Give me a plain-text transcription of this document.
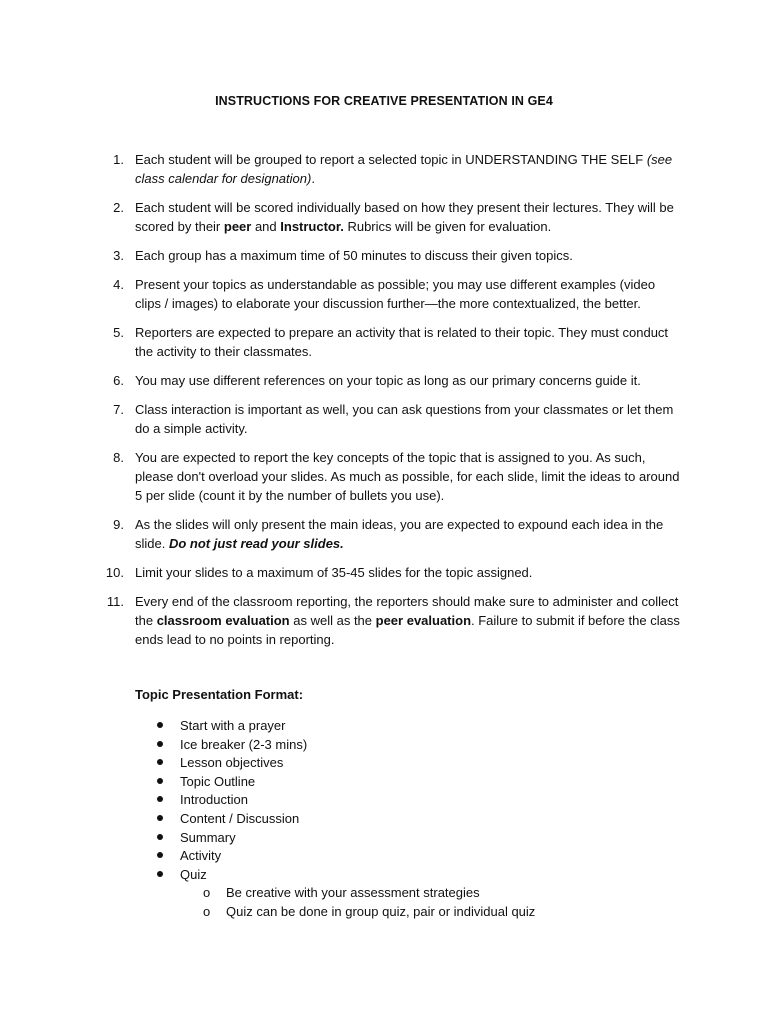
INSTRUCTIONS FOR CREATIVE PRESENTATION IN GE4
1. Each student will be grouped to report a selected topic in UNDERSTANDING THE SELF (see class calendar for designation).
2. Each student will be scored individually based on how they present their lectures. They will be scored by their peer and Instructor. Rubrics will be given for evaluation.
3. Each group has a maximum time of 50 minutes to discuss their given topics.
4. Present your topics as understandable as possible; you may use different examples (video clips / images) to elaborate your discussion further—the more contextualized, the better.
5. Reporters are expected to prepare an activity that is related to their topic. They must conduct the activity to their classmates.
6. You may use different references on your topic as long as our primary concerns guide it.
7. Class interaction is important as well, you can ask questions from your classmates or let them do a simple activity.
8. You are expected to report the key concepts of the topic that is assigned to you. As such, please don't overload your slides. As much as possible, for each slide, limit the ideas to around 5 per slide (count it by the number of bullets you use).
9. As the slides will only present the main ideas, you are expected to expound each idea in the slide. Do not just read your slides.
10. Limit your slides to a maximum of 35-45 slides for the topic assigned.
11. Every end of the classroom reporting, the reporters should make sure to administer and collect the classroom evaluation as well as the peer evaluation. Failure to submit if before the class ends lead to no points in reporting.
Topic Presentation Format:
Start with a prayer
Ice breaker (2-3 mins)
Lesson objectives
Topic Outline
Introduction
Content / Discussion
Summary
Activity
Quiz
o Be creative with your assessment strategies
o Quiz can be done in group quiz, pair or individual quiz
